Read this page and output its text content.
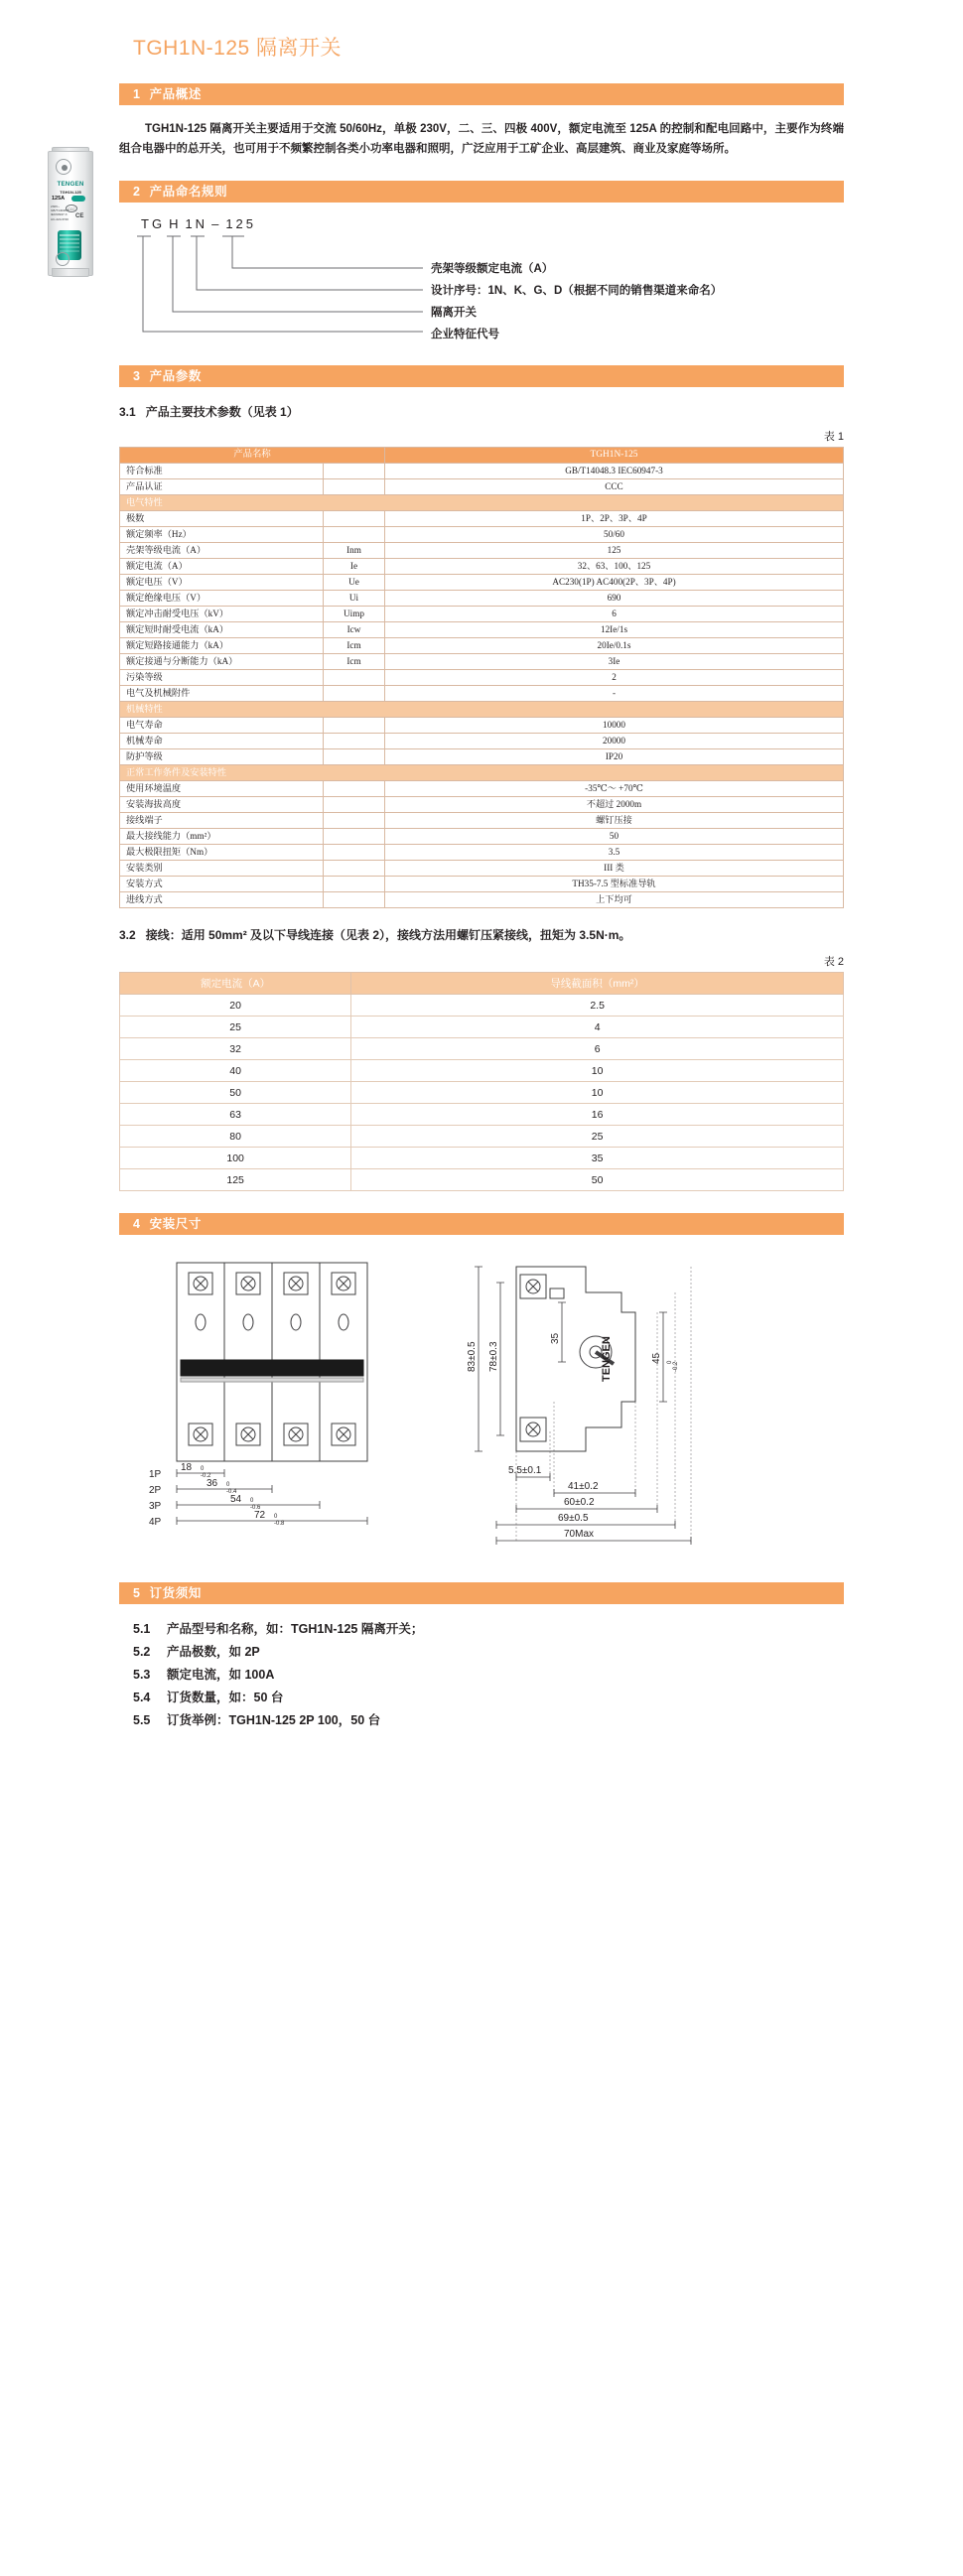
TGH1N-125 隔离开关
1 产品概述
TGH1N-125 隔离开关主要适用于交流 50/60Hz，单极 230V，二、三、四极 400V，额定电流至 125A 的控制和配电回路中，主要作为终端组合电器中的总开关，也可用于不频繁控制各类小功率电器和照明，广泛应用于工矿企业、高层建筑、商业及家庭等场所。
TENGEN
TGH1N-125
125A
230V~
GB/T14048.3
IEC60947-3
AC-22A IP20
CCC
CE
2 产品命名规则
TG H 1N – 125
壳架等级额定电流（A）
设计序号：1N、K、G、D（根据不同的销售渠道来命名）
隔离开关
企业特征代号
3 产品参数
3.1 产品主要技术参数（见表 1）
表 1
产品名称		TGH1N-125
符合标准		GB/T14048.3 IEC60947-3
产品认证		CCC
电气特性		
极数		1P、2P、3P、4P
额定频率（Hz）		50/60
壳架等级电流（A）	Inm	125
额定电流（A）	Ie	32、63、100、125
额定电压（V）	Ue	AC230(1P) AC400(2P、3P、4P)
额定绝缘电压（V）	Ui	690
额定冲击耐受电压（kV）	Uimp	6
额定短时耐受电流（kA）	Icw	12Ie/1s
额定短路接通能力（kA）	Icm	20Ie/0.1s
额定接通与分断能力（kA）	Icm	3Ie
污染等级		2
电气及机械附件		-
机械特性		
电气寿命		10000
机械寿命		20000
防护等级		IP20
正常工作条件及安装特性		
使用环境温度		-35℃～ +70℃
安装海拔高度		不超过 2000m
接线端子		螺钉压接
最大接线能力（mm²）		50
最大极限扭矩（Nm）		3.5
安装类别		III 类
安装方式		TH35-7.5 型标准导轨
进线方式		上下均可
3.2 接线：适用 50mm² 及以下导线连接（见表 2），接线方法用螺钉压紧接线，扭矩为 3.5N·m。
表 2
额定电流（A）	导线截面积（mm²）
20	2.5
25	4
32	6
40	10
50	10
63	16
80	25
100	35
125	50
4 安装尺寸
1P
2P
3P
4P
18 0
-0.2
36 0
-0.4
54 0
-0.6
72 0
-0.8
83±0.5 78±0.3
35
45 0 -0.2
5.5±0.1
41±0.2
60±0.2
69±0.5
70Max
TENGEN
5 订货须知
5.1 产品型号和名称，如：TGH1N-125 隔离开关；
5.2 产品极数，如 2P
5.3 额定电流，如 100A
5.4 订货数量，如：50 台
5.5 订货举例：TGH1N-125 2P 100，50 台
